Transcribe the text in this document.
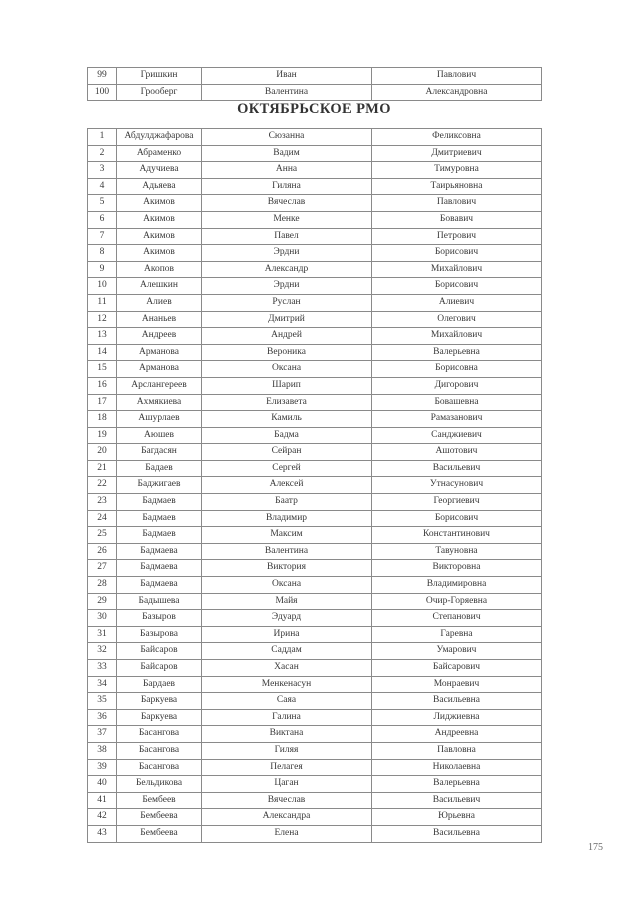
99	Гришкин	Иван	Павлович
100	Грооберг	Валентина	Александровна
ОКТЯБРЬСКОЕ РМО
1	Абдулджафарова	Сюзанна	Феликсовна
2	Абраменко	Вадим	Дмитриевич
3	Адучиева	Анна	Тимуровна
4	Адьяева	Гиляна	Таирьяновна
5	Акимов	Вячеслав	Павлович
6	Акимов	Менке	Бовавич
7	Акимов	Павел	Петрович
8	Акимов	Эрдни	Борисович
9	Акопов	Александр	Михайлович
10	Алешкин	Эрдни	Борисович
11	Алиев	Руслан	Алиевич
12	Ананьев	Дмитрий	Олегович
13	Андреев	Андрей	Михайлович
14	Арманова	Вероника	Валерьевна
15	Арманова	Оксана	Борисовна
16	Арслангереев	Шарип	Дигорович
17	Ахмякиева	Елизавета	Бовашевна
18	Ашурлаев	Камиль	Рамазанович
19	Аюшев	Бадма	Санджиевич
20	Багдасян	Сейран	Ашотович
21	Бадаев	Сергей	Васильевич
22	Баджигаев	Алексей	Утнасунович
23	Бадмаев	Баатр	Георгиевич
24	Бадмаев	Владимир	Борисович
25	Бадмаев	Максим	Константинович
26	Бадмаева	Валентина	Тавуновна
27	Бадмаева	Виктория	Викторовна
28	Бадмаева	Оксана	Владимировна
29	Бадышева	Майя	Очир-Горяевна
30	Базыров	Эдуард	Степанович
31	Базырова	Ирина	Гаревна
32	Байсаров	Саддам	Умарович
33	Байсаров	Хасан	Байсарович
34	Бардаев	Менкенасун	Монраевич
35	Баркуева	Саяа	Васильевна
36	Баркуева	Галина	Лиджиевна
37	Басангова	Виктана	Андреевна
38	Басангова	Гиляя	Павловна
39	Басангова	Пелагея	Николаевна
40	Бельдикова	Цаган	Валерьевна
41	Бембеев	Вячеслав	Васильевич
42	Бембеева	Александра	Юрьевна
43	Бембеева	Елена	Васильевна
175
